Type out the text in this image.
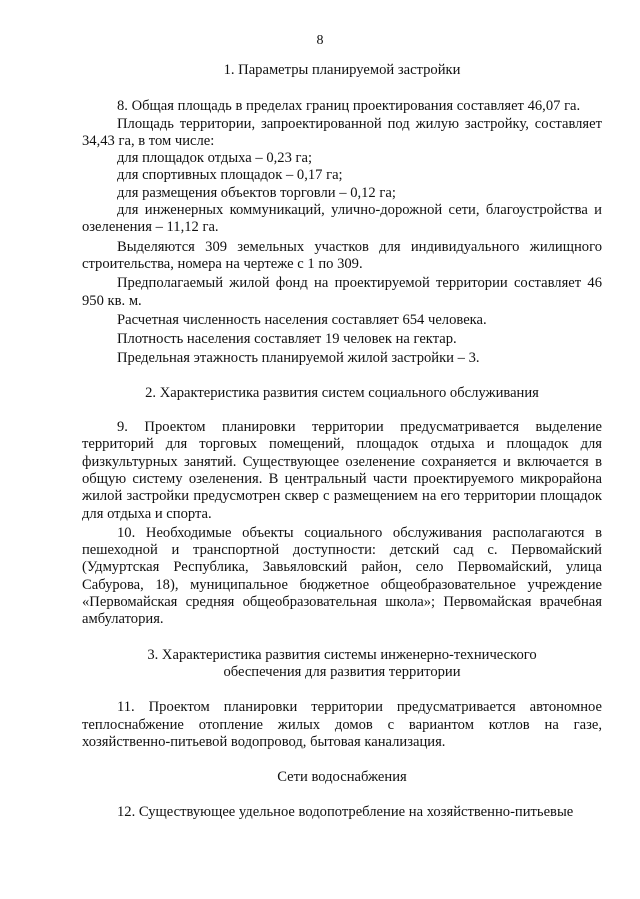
8

1. Параметры планируемой застройки

8. Общая площадь в пределах границ проектирования составляет 46,07 га.

Площадь территории, запроектированной под жилую застройку, составляет 34,43 га, в том числе:

для площадок отдыха – 0,23 га;

для спортивных площадок – 0,17 га;

для размещения объектов торговли – 0,12 га;

для инженерных коммуникаций, улично-дорожной сети, благоустройства и озеленения – 11,12 га.

Выделяются 309 земельных участков для индивидуального жилищного строительства, номера на чертеже с 1 по 309.

Предполагаемый жилой фонд на проектируемой территории составляет 46 950 кв. м.

Расчетная численность населения составляет 654 человека.

Плотность населения составляет 19 человек на гектар.

Предельная этажность планируемой жилой застройки – 3.

2. Характеристика развития систем социального обслуживания

9. Проектом планировки территории предусматривается выделение территорий для торговых помещений, площадок отдыха и площадок для физкультурных занятий. Существующее озеленение сохраняется и включается в общую систему озеленения. В центральный части проектируемого микрорайона жилой застройки предусмотрен сквер с размещением на его территории площадок для отдыха и спорта.

10. Необходимые объекты социального обслуживания располагаются в пешеходной и транспортной доступности: детский сад с. Первомайский (Удмуртская Республика, Завьяловский район, село Первомайский, улица Сабурова, 18), муниципальное бюджетное общеобразовательное учреждение «Первомайская средняя общеобразовательная школа»; Первомайская врачебная амбулатория.

3. Характеристика развития системы инженерно-технического
обеспечения для развития территории

11. Проектом планировки территории предусматривается автономное теплоснабжение отопление жилых домов с вариантом котлов на газе, хозяйственно-питьевой водопровод, бытовая канализация.

Сети водоснабжения

12. Существующее удельное водопотребление на хозяйственно-питьевые
